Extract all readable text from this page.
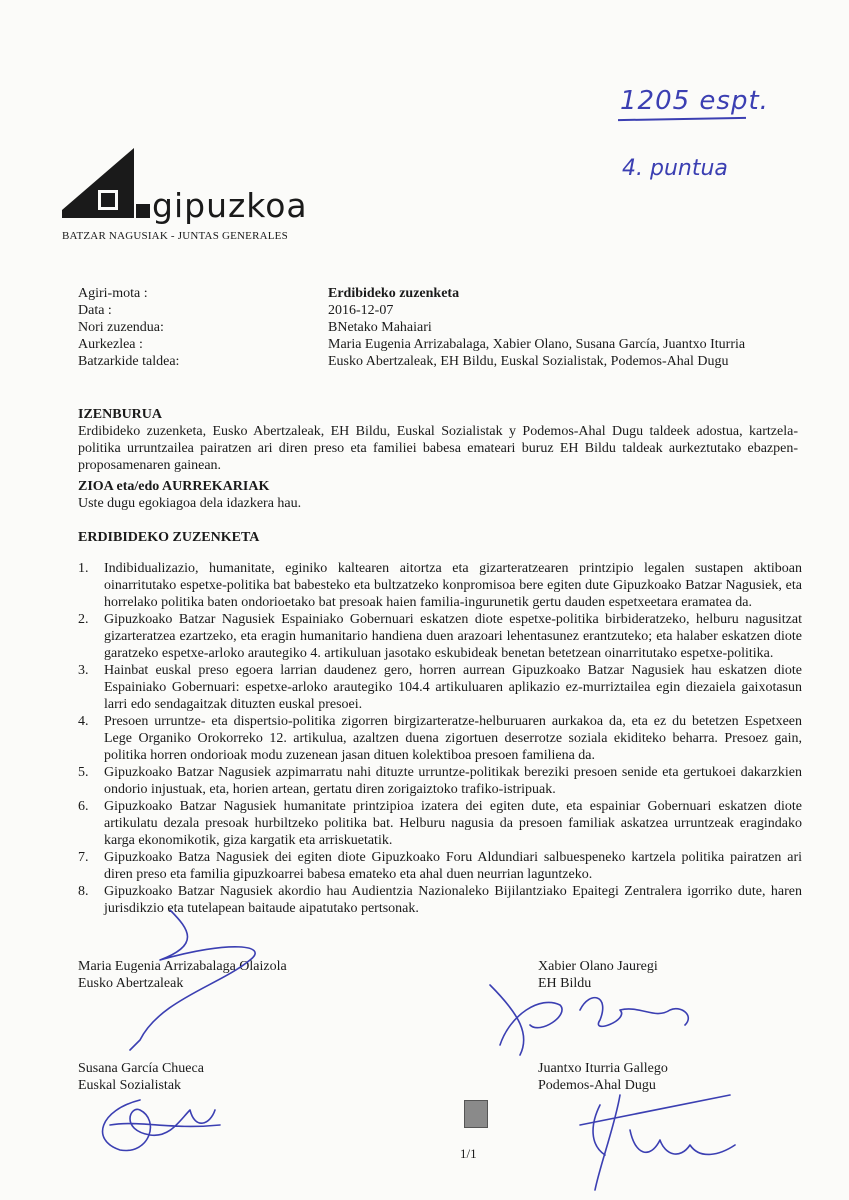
1205 espt.
4. puntua
gipuzkoa
BATZAR NAGUSIAK - JUNTAS GENERALES
Agiri-mota :	Erdibideko zuzenketa
Data :	2016-12-07
Nori zuzendua:	BNetako Mahaiari
Aurkezlea :	Maria Eugenia Arrizabalaga, Xabier Olano, Susana García, Juantxo Iturria
Batzarkide taldea:	Eusko Abertzaleak, EH Bildu, Euskal Sozialistak, Podemos-Ahal Dugu
IZENBURUA
Erdibideko zuzenketa, Eusko Abertzaleak, EH Bildu, Euskal Sozialistak y Podemos-Ahal Dugu taldeek adostua, kartzela-politika urruntzailea pairatzen ari diren preso eta familiei babesa emateari buruz EH Bildu taldeak aurkeztutako ebazpen-proposamenaren gainean.
ZIOA eta/edo AURREKARIAK
Uste dugu egokiagoa dela idazkera hau.
ERDIBIDEKO ZUZENKETA
1.	Indibidualizazio, humanitate, eginiko kaltearen aitortza eta gizarteratzearen printzipio legalen sustapen aktiboan oinarritutako espetxe-politika bat babesteko eta bultzatzeko konpromisoa bere egiten dute Gipuzkoako Batzar Nagusiek, eta horrelako politika baten ondorioetako bat presoak haien familia-ingurunetik gertu dauden espetxeetara eramatea da.
2.	Gipuzkoako Batzar Nagusiek Espainiako Gobernuari eskatzen diote espetxe-politika birbideratzeko, helburu nagusitzat gizarteratzea ezartzeko, eta eragin humanitario handiena duen arazoari lehentasunez erantzuteko; eta halaber eskatzen diote garatzeko espetxe-arloko arautegiko 4. artikuluan jasotako eskubideak benetan betetzean oinarritutako espetxe-politika.
3.	Hainbat euskal preso egoera larrian daudenez gero, horren aurrean Gipuzkoako Batzar Nagusiek hau eskatzen diote Espainiako Gobernuari: espetxe-arloko arautegiko 104.4 artikuluaren aplikazio ez-murriztailea egin diezaiela gaixotasun larri edo sendagaitzak dituzten euskal presoei.
4.	Presoen urruntze- eta dispertsio-politika zigorren birgizarteratze-helburuaren aurkakoa da, eta ez du betetzen Espetxeen Lege Organiko Orokorreko 12. artikulua, azaltzen duena zigortuen deserrotze soziala ekiditeko beharra. Presoez gain, politika horren ondorioak modu zuzenean jasan dituen kolektiboa presoen familiena da.
5.	Gipuzkoako Batzar Nagusiek azpimarratu nahi dituzte urruntze-politikak bereziki presoen senide eta gertukoei dakarzkien ondorio injustuak, eta, horien artean, gertatu diren zorigaiztoko trafiko-istripuak.
6.	Gipuzkoako Batzar Nagusiek humanitate printzipioa izatera dei egiten dute, eta espainiar Gobernuari eskatzen diote artikulatu dezala presoak hurbiltzeko politika bat. Helburu nagusia da presoen familiak askatzea urruntzeak eragindako karga ekonomikotik, giza kargatik eta arriskuetatik.
7.	Gipuzkoako Batza Nagusiek dei egiten diote Gipuzkoako Foru Aldundiari salbuespeneko kartzela politika pairatzen ari diren preso eta familia gipuzkoarrei babesa emateko eta ahal duen neurrian laguntzeko.
8.	Gipuzkoako Batzar Nagusiek akordio hau Audientzia Nazionaleko Bijilantziako Epaitegi Zentralera igorriko dute, haren jurisdikzio eta tutelapean baitaude aipatutako pertsonak.
Maria Eugenia Arrizabalaga Olaizola
Eusko Abertzaleak
Xabier Olano Jauregi
EH Bildu
Susana García Chueca
Euskal Sozialistak
Juantxo Iturria Gallego
Podemos-Ahal Dugu
1/1
